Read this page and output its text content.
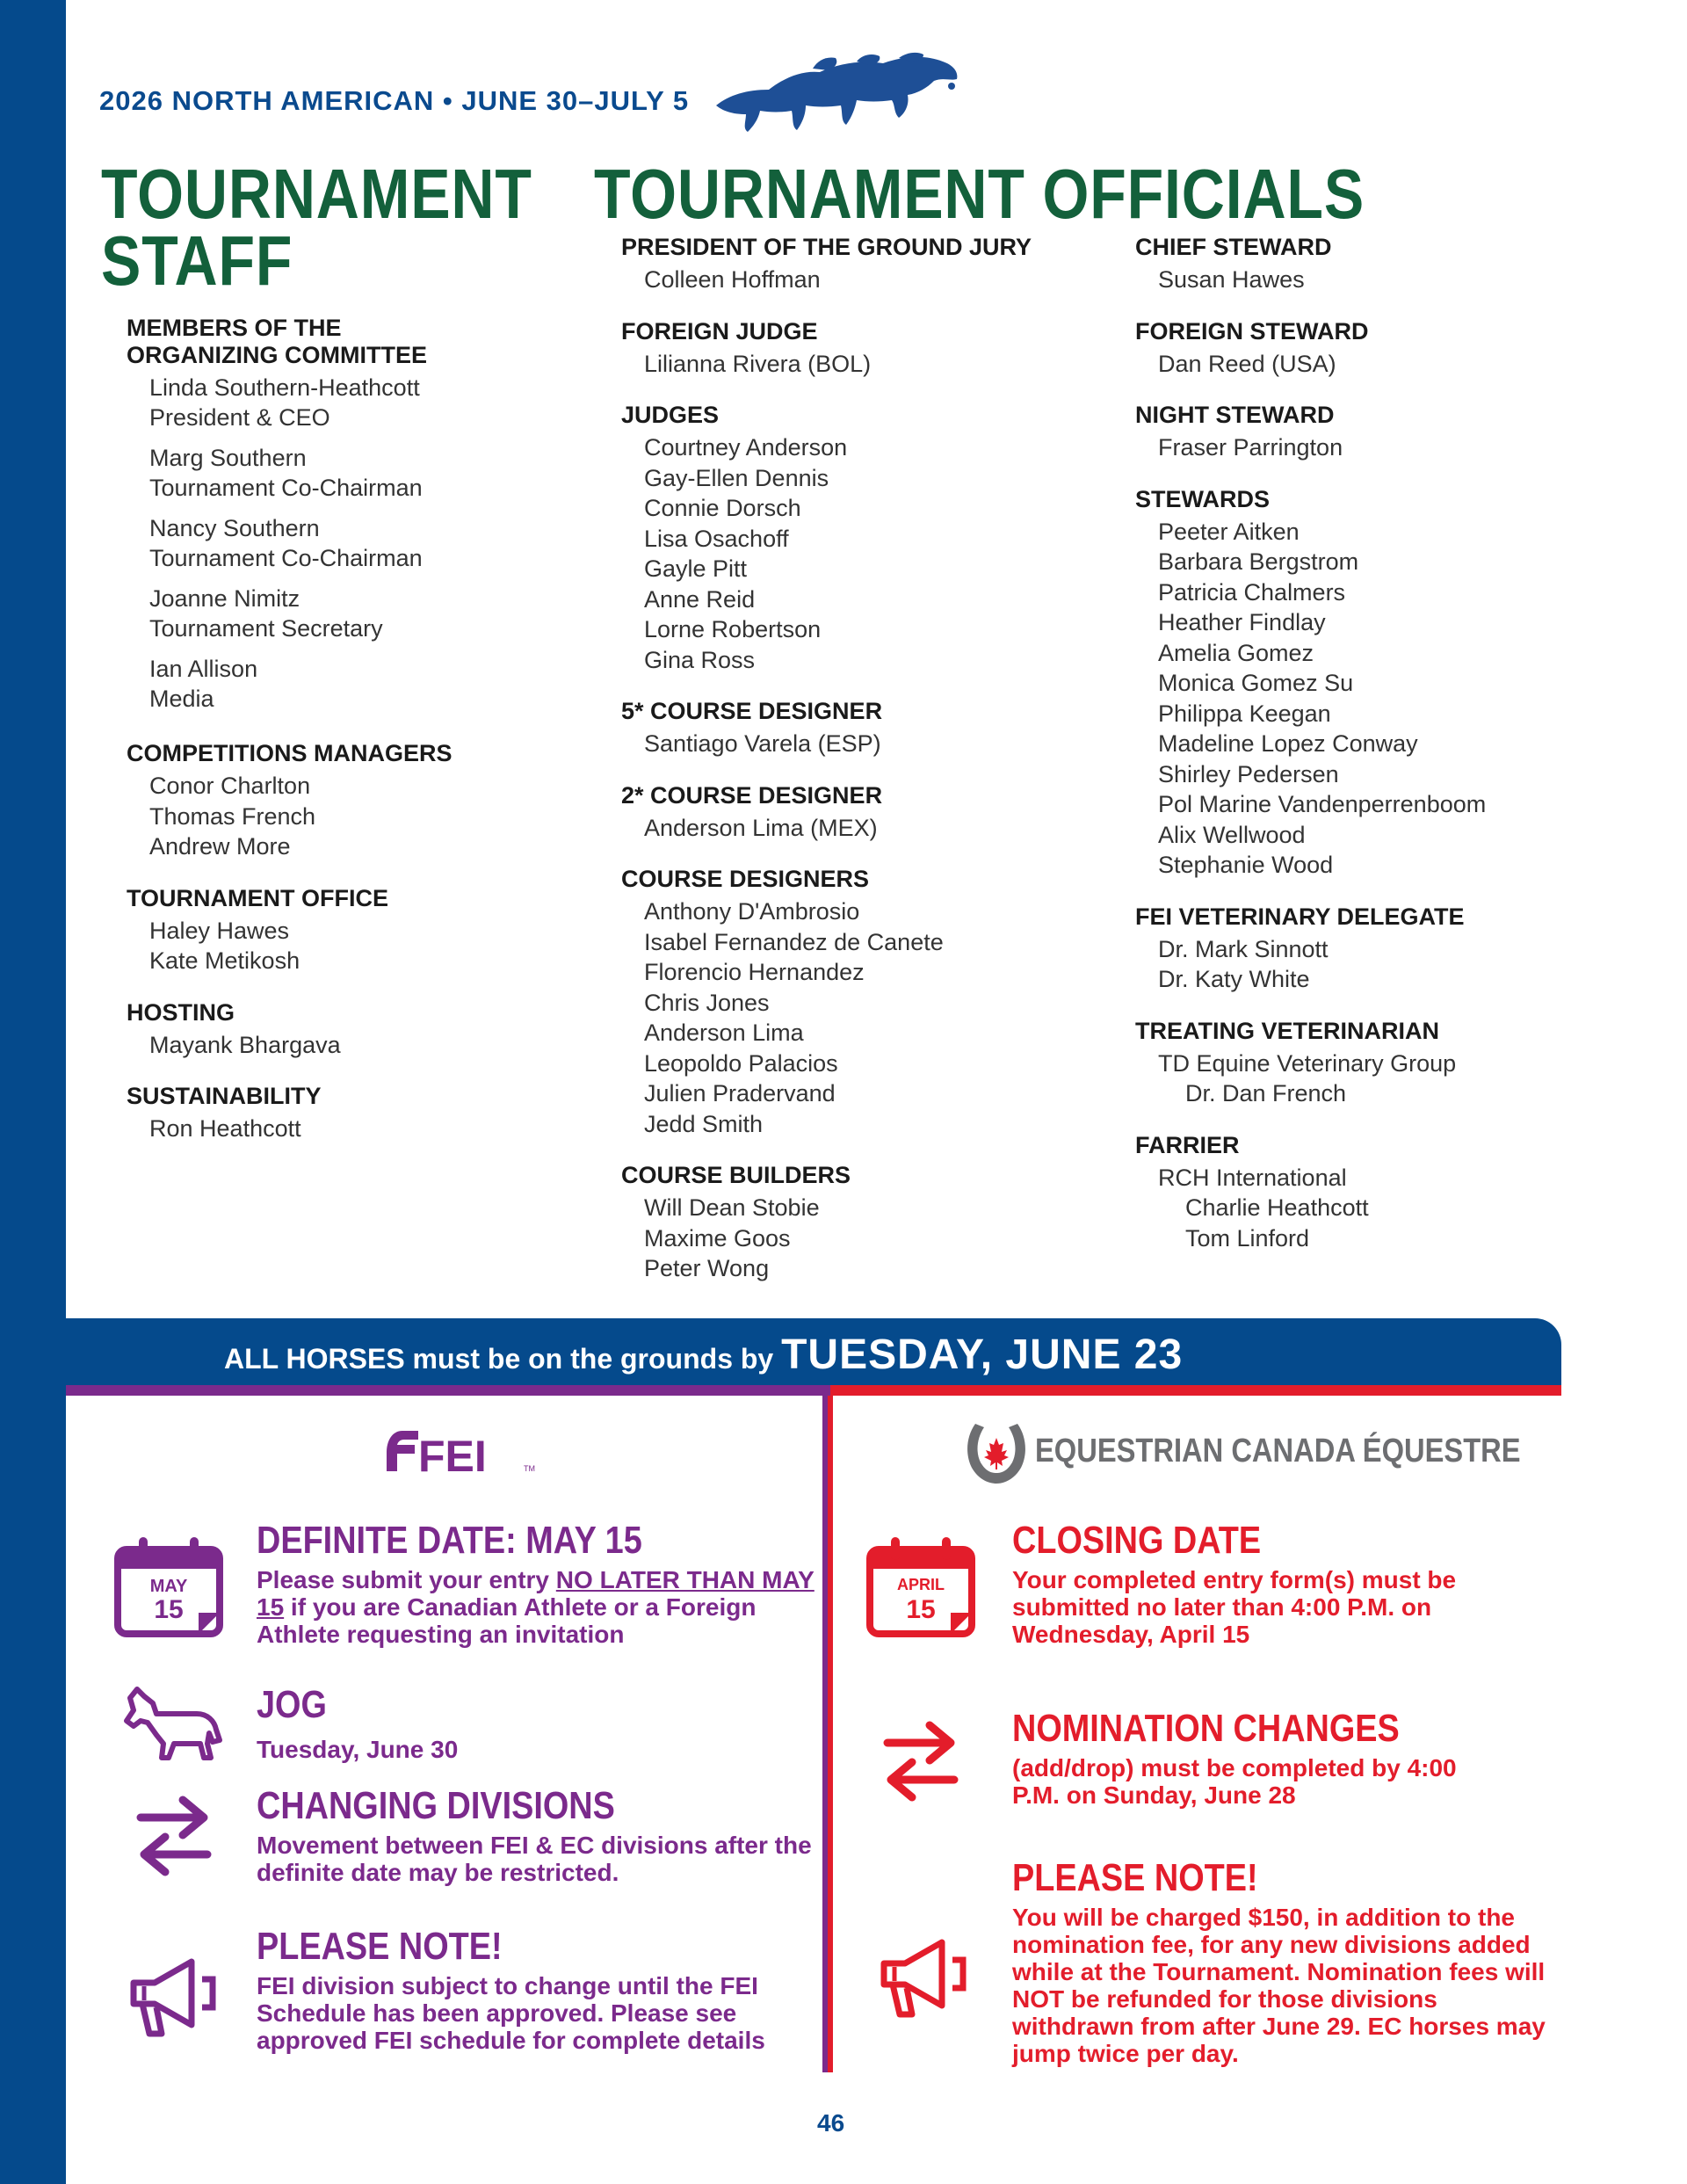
2026 NORTH AMERICAN • JUNE 30–JULY 5
TOURNAMENT
STAFF
TOURNAMENT OFFICIALS
MEMBERS OF THE
ORGANIZING COMMITTEE
Linda Southern-Heathcott
President & CEO
Marg Southern
Tournament Co-Chairman
Nancy Southern
Tournament Co-Chairman
Joanne Nimitz
Tournament Secretary
Ian Allison
Media
COMPETITIONS MANAGERS
Conor Charlton
Thomas French
Andrew More
TOURNAMENT OFFICE
Haley Hawes
Kate Metikosh
HOSTING
Mayank Bhargava
SUSTAINABILITY
Ron Heathcott
PRESIDENT OF THE GROUND JURY
Colleen Hoffman
FOREIGN JUDGE
Lilianna Rivera (BOL)
JUDGES
Courtney Anderson
Gay-Ellen Dennis
Connie Dorsch
Lisa Osachoff
Gayle Pitt
Anne Reid
Lorne Robertson
Gina Ross
5* COURSE DESIGNER
Santiago Varela (ESP)
2* COURSE DESIGNER
Anderson Lima (MEX)
COURSE DESIGNERS
Anthony D'Ambrosio
Isabel Fernandez de Canete
Florencio Hernandez
Chris Jones
Anderson Lima
Leopoldo Palacios
Julien Pradervand
Jedd Smith
COURSE BUILDERS
Will Dean Stobie
Maxime Goos
Peter Wong
CHIEF STEWARD
Susan Hawes
FOREIGN STEWARD
Dan Reed (USA)
NIGHT STEWARD
Fraser Parrington
STEWARDS
Peeter Aitken
Barbara Bergstrom
Patricia Chalmers
Heather Findlay
Amelia Gomez
Monica Gomez Su
Philippa Keegan
Madeline Lopez Conway
Shirley Pedersen
Pol Marine Vandenperrenboom
Alix Wellwood
Stephanie Wood
FEI VETERINARY DELEGATE
Dr. Mark Sinnott
Dr. Katy White
TREATING VETERINARIAN
TD Equine Veterinary Group
Dr. Dan French
FARRIER
RCH International
Charlie Heathcott
Tom Linford
ALL HORSES must be on the grounds by TUESDAY, JUNE 23
FEI	TM	EQUESTRIAN CANADA ÉQUESTRE
MAY
15
DEFINITE DATE: MAY 15
Please submit your entry NO LATER THAN MAY 15 if you are Canadian Athlete or a Foreign Athlete requesting an invitation
JOG
Tuesday, June 30
CHANGING DIVISIONS
Movement between FEI & EC divisions after the definite date may be restricted.
PLEASE NOTE!
FEI division subject to change until the FEI Schedule has been approved. Please see approved FEI schedule for complete details
APRIL
15
CLOSING DATE
Your completed entry form(s) must be submitted no later than 4:00 P.M. on Wednesday, April 15
NOMINATION CHANGES
(add/drop) must be completed by 4:00 P.M. on Sunday, June 28
PLEASE NOTE!
You will be charged $150, in addition to the nomination fee, for any new divisions added while at the Tournament. Nomination fees will NOT be refunded for those divisions withdrawn from after June 29. EC horses may jump twice per day.
46
